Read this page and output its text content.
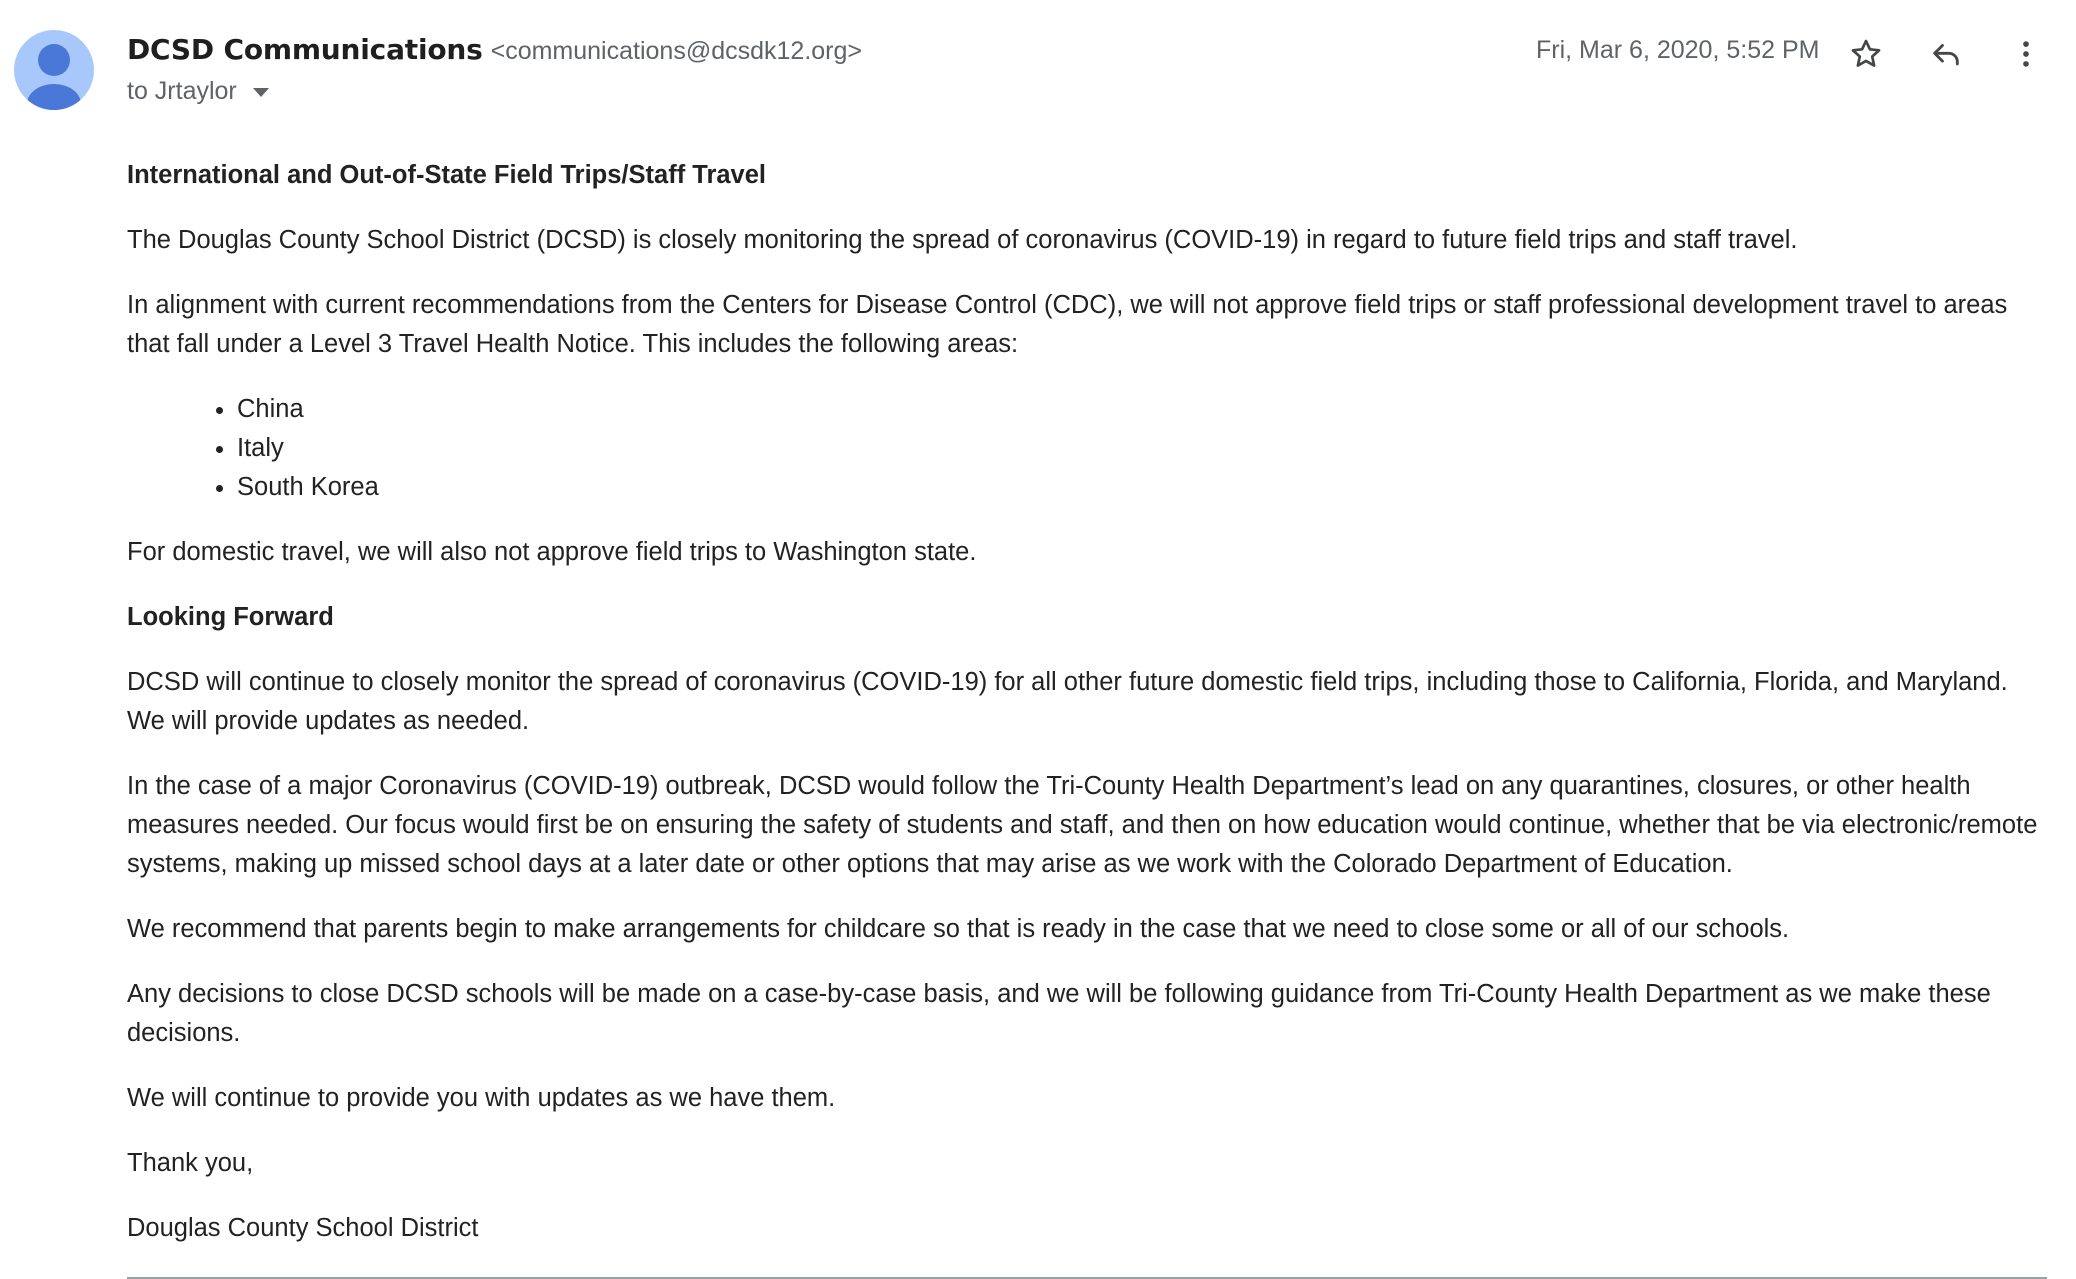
DCSD Communications <communications@dcsdk12.org>
to Jrtaylor
Fri, Mar 6, 2020, 5:52 PM

International and Out-of-State Field Trips/Staff Travel

The Douglas County School District (DCSD) is closely monitoring the spread of coronavirus (COVID-19) in regard to future field trips and staff travel.

In alignment with current recommendations from the Centers for Disease Control (CDC), we will not approve field trips or staff professional development travel to areas that fall under a Level 3 Travel Health Notice. This includes the following areas:

• China
• Italy
• South Korea

For domestic travel, we will also not approve field trips to Washington state.

Looking Forward

DCSD will continue to closely monitor the spread of coronavirus (COVID-19) for all other future domestic field trips, including those to California, Florida, and Maryland. We will provide updates as needed.

In the case of a major Coronavirus (COVID-19) outbreak, DCSD would follow the Tri-County Health Department’s lead on any quarantines, closures, or other health measures needed. Our focus would first be on ensuring the safety of students and staff, and then on how education would continue, whether that be via electronic/remote systems, making up missed school days at a later date or other options that may arise as we work with the Colorado Department of Education.

We recommend that parents begin to make arrangements for childcare so that is ready in the case that we need to close some or all of our schools.

Any decisions to close DCSD schools will be made on a case-by-case basis, and we will be following guidance from Tri-County Health Department as we make these decisions.

We will continue to provide you with updates as we have them.

Thank you,

Douglas County School District
